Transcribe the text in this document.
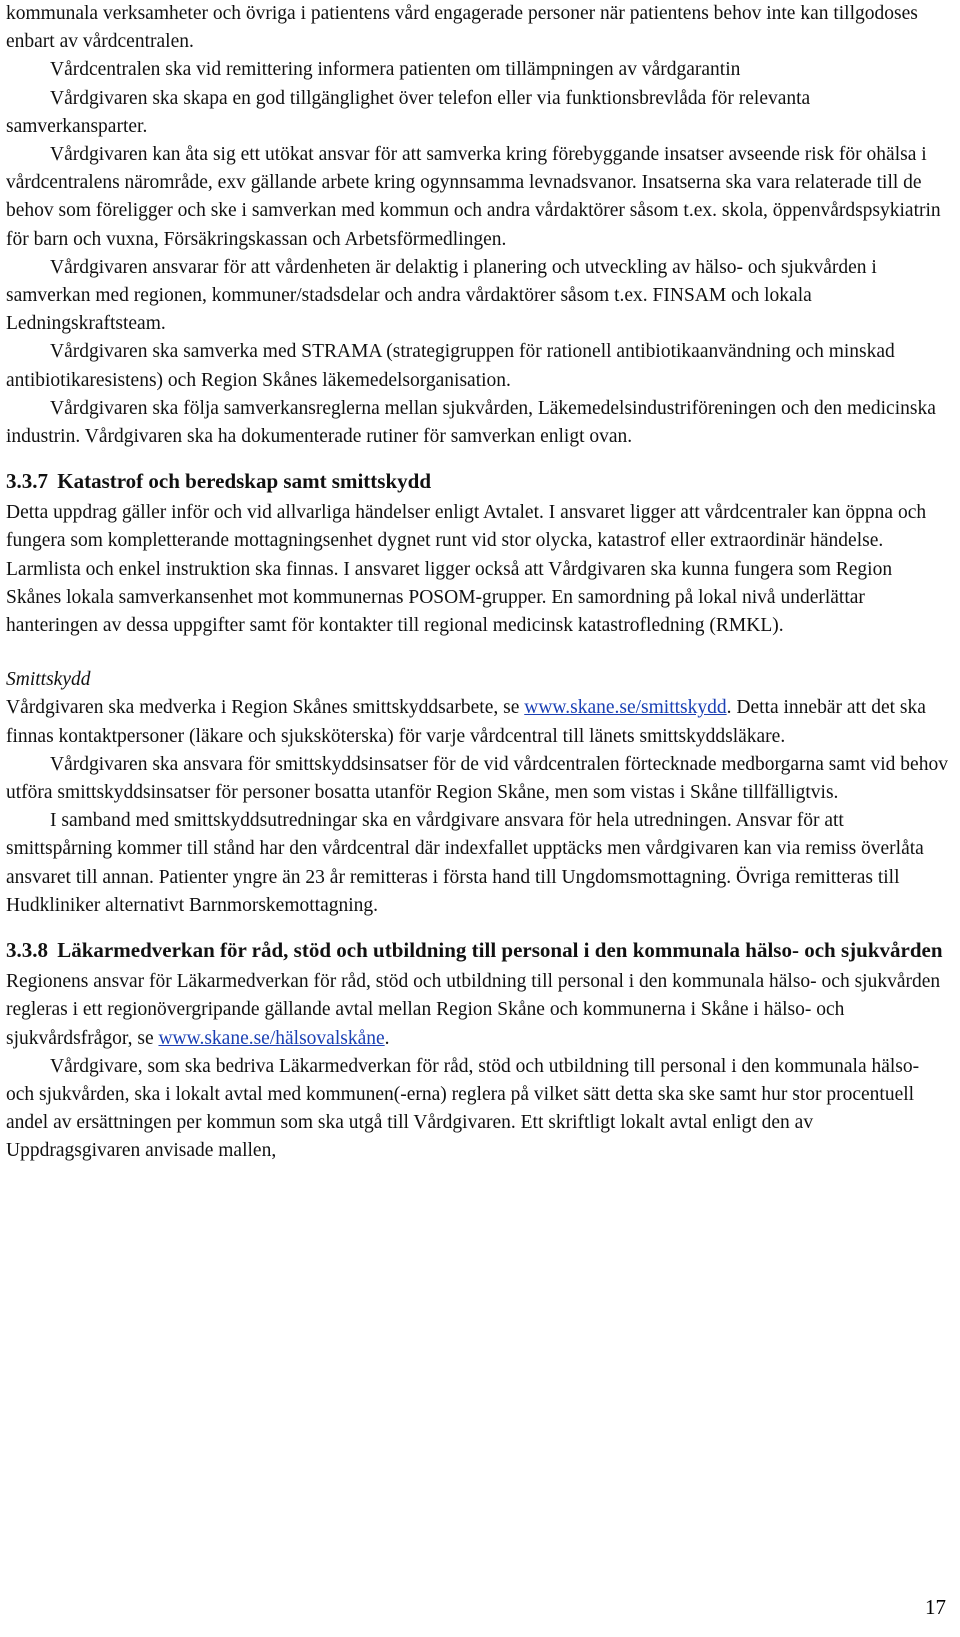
kommunala verksamheter och övriga i patientens vård engagerade personer när patientens behov inte kan tillgodoses enbart av vårdcentralen.

Vårdcentralen ska vid remittering informera patienten om tillämpningen av vårdgarantin

Vårdgivaren ska skapa en god tillgänglighet över telefon eller via funktionsbrevlåda för relevanta samverkansparter.

Vårdgivaren kan åta sig ett utökat ansvar för att samverka kring förebyggande insatser avseende risk för ohälsa i vårdcentralens närområde, exv gällande arbete kring ogynnsamma levnadsvanor. Insatserna ska vara relaterade till de behov som föreligger och ske i samverkan med kommun och andra vårdaktörer såsom t.ex. skola, öppenvårdspsykiatrin för barn och vuxna, Försäkringskassan och Arbetsförmedlingen.

Vårdgivaren ansvarar för att vårdenheten är delaktig i planering och utveckling av hälso- och sjukvården i samverkan med regionen, kommuner/stadsdelar och andra vårdaktörer såsom t.ex. FINSAM och lokala Ledningskraftsteam.

Vårdgivaren ska samverka med STRAMA (strategigruppen för rationell antibiotikaanvändning och minskad antibiotikaresistens) och Region Skånes läkemedelsorganisation.

Vårdgivaren ska följa samverkansreglerna mellan sjukvården, Läkemedelsindustriföreningen och den medicinska industrin. Vårdgivaren ska ha dokumenterade rutiner för samverkan enligt ovan.

3.3.7 Katastrof och beredskap samt smittskydd

Detta uppdrag gäller inför och vid allvarliga händelser enligt Avtalet. I ansvaret ligger att vårdcentraler kan öppna och fungera som kompletterande mottagningsenhet dygnet runt vid stor olycka, katastrof eller extraordinär händelse. Larmlista och enkel instruktion ska finnas. I ansvaret ligger också att Vårdgivaren ska kunna fungera som Region Skånes lokala samverkansenhet mot kommunernas POSOM-grupper. En samordning på lokal nivå underlättar hanteringen av dessa uppgifter samt för kontakter till regional medicinsk katastrofledning (RMKL).

Smittskydd

Vårdgivaren ska medverka i Region Skånes smittskyddsarbete, se www.skane.se/smittskydd. Detta innebär att det ska finnas kontaktpersoner (läkare och sjuksköterska) för varje vårdcentral till länets smittskyddsläkare.

Vårdgivaren ska ansvara för smittskyddsinsatser för de vid vårdcentralen förtecknade medborgarna samt vid behov utföra smittskyddsinsatser för personer bosatta utanför Region Skåne, men som vistas i Skåne tillfälligtvis.

I samband med smittskyddsutredningar ska en vårdgivare ansvara för hela utredningen. Ansvar för att smittspårning kommer till stånd har den vårdcentral där indexfallet upptäcks men vårdgivaren kan via remiss överlåta ansvaret till annan. Patienter yngre än 23 år remitteras i första hand till Ungdomsmottagning. Övriga remitteras till Hudkliniker alternativt Barnmorskemottagning.

3.3.8 Läkarmedverkan för råd, stöd och utbildning till personal i den kommunala hälso- och sjukvården

Regionens ansvar för Läkarmedverkan för råd, stöd och utbildning till personal i den kommunala hälso- och sjukvården regleras i ett regionövergripande gällande avtal mellan Region Skåne och kommunerna i Skåne i hälso- och sjukvårdsfrågor, se www.skane.se/hälsovalskåne.

Vårdgivare, som ska bedriva Läkarmedverkan för råd, stöd och utbildning till personal i den kommunala hälso- och sjukvården, ska i lokalt avtal med kommunen(-erna) reglera på vilket sätt detta ska ske samt hur stor procentuell andel av ersättningen per kommun som ska utgå till Vårdgivaren. Ett skriftligt lokalt avtal enligt den av Uppdragsgivaren anvisade mallen,

17
